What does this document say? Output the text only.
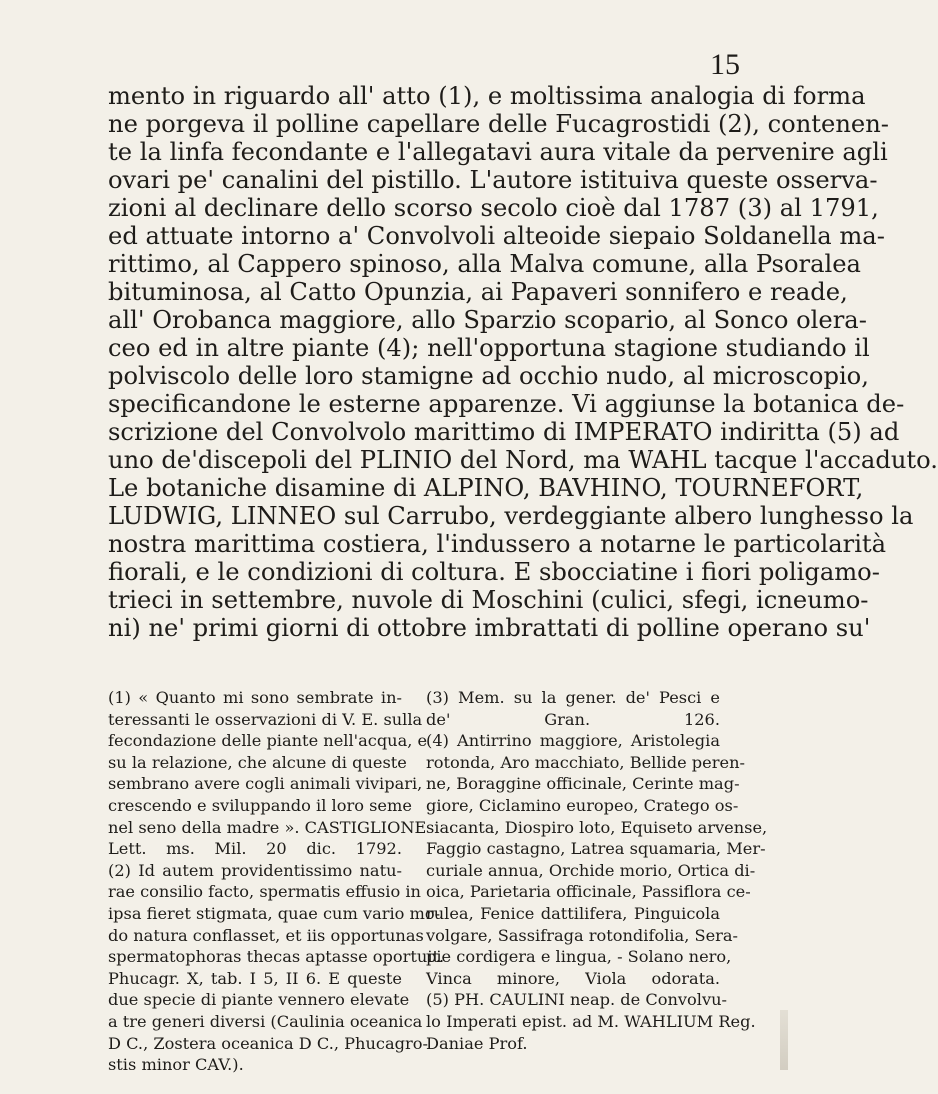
15
mento in riguardo all' atto (1), e moltissima analogia di forma
ne porgeva il polline capellare delle Fucagrostidi (2), contenen-
te la linfa fecondante e l'allegatavi aura vitale da pervenire agli
ovari pe' canalini del pistillo. L'autore istituiva queste osserva-
zioni al declinare dello scorso secolo cioè dal 1787 (3) al 1791,
ed attuate intorno a' Convolvoli alteoide siepaio Soldanella ma-
rittimo, al Cappero spinoso, alla Malva comune, alla Psoralea
bituminosa, al Catto Opunzia, ai Papaveri sonnifero e reade,
all' Orobanca maggiore, allo Sparzio scopario, al Sonco olera-
ceo ed in altre piante (4); nell'opportuna stagione studiando il
polviscolo delle loro stamigne ad occhio nudo, al microscopio,
specificandone le esterne apparenze. Vi aggiunse la botanica de-
scrizione del Convolvolo marittimo di IMPERATO indiritta (5) ad
uno de'discepoli del PLINIO del Nord, ma WAHL tacque l'accaduto.
Le botaniche disamine di ALPINO, BAVHINO, TOURNEFORT,
LUDWIG, LINNEO sul Carrubo, verdeggiante albero lunghesso la
nostra marittima costiera, l'indussero a notarne le particolarità
fiorali, e le condizioni di coltura. E sbocciatine i fiori poligamo-
trieci in settembre, nuvole di Moschini (culici, sfegi, icneumo-
ni) ne' primi giorni di ottobre imbrattati di polline operano su'
(1) « Quanto mi sono sembrate in-
teressanti le osservazioni di V. E. sulla
fecondazione delle piante nell'acqua, e
su la relazione, che alcune di queste
sembrano avere cogli animali vivipari,
crescendo e sviluppando il loro seme
nel seno della madre ». CASTIGLIONE
Lett. ms. Mil. 20 dic. 1792.
(2) Id autem providentissimo natu-
rae consilio facto, spermatis effusio in
ipsa fieret stigmata, quae cum vario mo-
do natura conflasset, et iis opportunas
spermatophoras thecas aptasse oportuit.
Phucagr. X, tab. I 5, II 6. E queste
due specie di piante vennero elevate
a tre generi diversi (Caulinia oceanica
D C., Zostera oceanica D C., Phucagro-
stis minor CAV.).
(3) Mem. su la gener. de' Pesci e
de' Gran. 126.
(4) Antirrino maggiore, Aristolegia
rotonda, Aro macchiato, Bellide peren-
ne, Boraggine officinale, Cerinte mag-
giore, Ciclamino europeo, Cratego os-
siacanta, Diospiro loto, Equiseto arvense,
Faggio castagno, Latrea squamaria, Mer-
curiale annua, Orchide morio, Ortica di-
oica, Parietaria officinale, Passiflora ce-
rulea, Fenice dattilifera, Pinguicola
volgare, Sassifraga rotondifolia, Sera-
pie cordigera e lingua, - Solano nero,
Vinca minore, Viola odorata.
(5) PH. CAULINI neap. de Convolvu-
lo Imperati epist. ad M. WAHLIUM Reg.
Daniae Prof.
